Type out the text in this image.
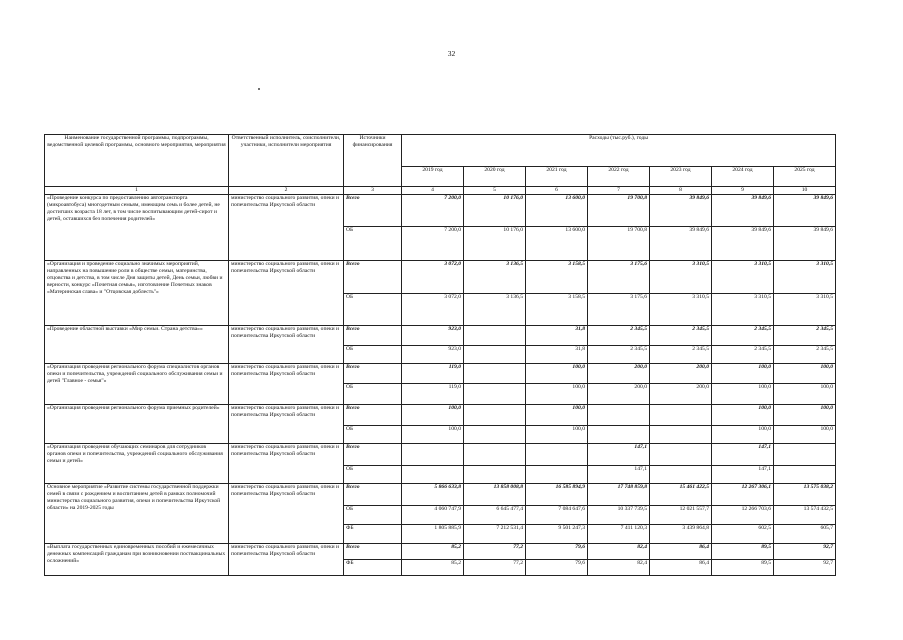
32
Наименование государственной программы, подпрограммы, ведомственной целевой программы, основного мероприятия, мероприятия	Ответственный исполнитель, соисполнители, участники, исполнители мероприятия	Источники финансирования	Расходы (тыс.руб.), годы						
			2019 год	2020 год	2021 год	2022 год	2023 год	2024 год	2025 год
1	2	3	4	5	6	7	8	9	10
«Проведение конкурса по предоставлению автотранспорта (микроавтобуса) многодетным семьям, имеющим семь и более детей, не достигших возраста 18 лет, в том числе воспитывающим детей-сирот и детей, оставшихся без попечения родителей»	министерство социального развития, опеки и попечительства Иркутской области	Всего	7 200,0	10 176,0	13 600,0	19 700,8	39 849,6	39 849,6	39 849,6
		ОБ	7 200,0	10 176,0	13 600,0	19 700,8	39 849,6	39 849,6	39 849,6
«Организация и проведение социально значимых мероприятий, направленных на повышение роли в обществе семьи, материнства, отцовства и детства, в том числе Дня защиты детей, День семьи, любви и верности, конкурс «Почетная семья», изготовление Почетных знаков «Материнская слава» и "Отцовская доблесть"»	министерство социального развития, опеки и попечительства Иркутской области	Всего	3 072,0	3 136,5	3 158,5	3 175,6	3 310,5	3 310,5	3 310,5
		ОБ	3 072,0	3 136,5	3 158,5	3 175,6	3 310,5	3 310,5	3 310,5
«Проведение областной выставки «Мир семьи. Страна детства»»	министерство социального развития, опеки и попечительства Иркутской области	Всего	923,0		31,8	2 345,5	2 345,5	2 345,5	2 345,5
		ОБ	923,0		31,8	2 345,5	2 345,5	2 345,5	2 345,5
«Организация проведения регионального форума специалистов органов опеки и попечительства, учреждений социального обслуживания семьи и детей "Главное - семья"»	министерство социального развития, опеки и попечительства Иркутской области	Всего	119,0		100,0	200,0	200,0	100,0	100,0
		ОБ	119,0		100,0	200,0	200,0	100,0	100,0
«Организация проведения регионального форума приемных родителей»	министерство социального развития, опеки и попечительства Иркутской области	Всего	100,0		100,0			100,0	100,0
		ОБ	100,0		100,0			100,0	100,0
«Организация проведения обучающих семинаров для сотрудников органов опеки и попечительства, учреждений социального обслуживания семьи и детей»	министерство социального развития, опеки и попечительства Иркутской области	Всего				147,1		147,1	
		ОБ				147,1		147,1	
Основное мероприятие «Развитие системы государственной поддержки семей в связи с рождением и воспитанием детей в рамках полномочий министерства социального развития, опеки и попечительства Иркутской области» на 2019-2025 годы	министерство социального развития, опеки и попечительства Иркутской области	Всего	5 866 633,8	13 858 008,8	16 585 894,9	17 748 859,8	15 461 422,5	12 267 306,1	13 575 038,2
		ОБ	4 060 747,9	6 645 477,4	7 084 647,6	10 337 739,5	12 021 557,7	12 266 703,6	13 574 432,5
		ФБ	1 805 885,9	7 212 531,4	9 501 247,3	7 411 120,3	3 439 864,8	602,5	605,7
«Выплата государственных единовременных пособий и ежемесячных денежных компенсаций гражданам при возникновении поствакцинальных осложнений»	министерство социального развития, опеки и попечительства Иркутской области	Всего	85,2	77,2	79,6	82,4	86,4	89,5	92,7
		ФБ	85,2	77,2	79,6	82,4	86,4	89,5	92,7
